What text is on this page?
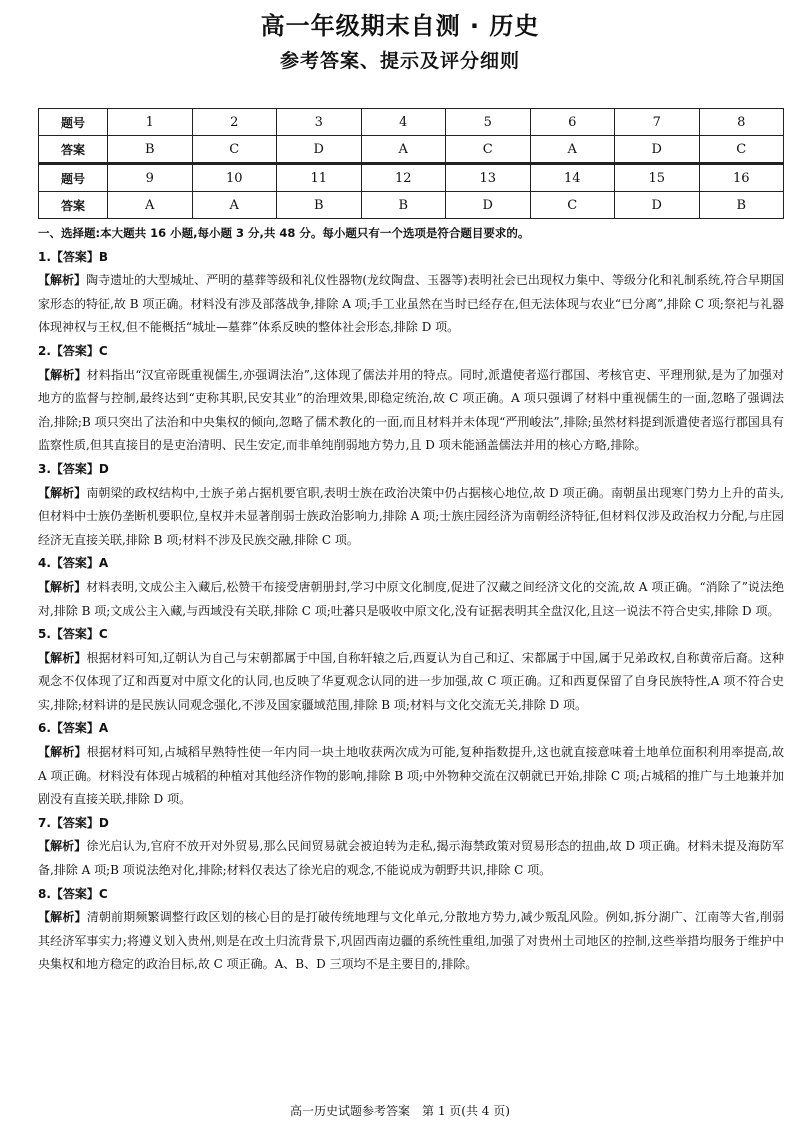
高一年级期末自测 · 历史
参考答案、提示及评分细则
题号	1	2	3	4	5	6	7	8
答案	B	C	D	A	C	A	D	C
题号	9	10	11	12	13	14	15	16
答案	A	A	B	B	D	C	D	B

一、选择题:本大题共 16 小题,每小题 3 分,共 48 分。每小题只有一个选项是符合题目要求的。

1.【答案】B

【解析】陶寺遗址的大型城址、严明的墓葬等级和礼仪性器物(龙纹陶盘、玉器等)表明社会已出现权力集中、等级分化和礼制系统,符合早期国家形态的特征,故 B 项正确。材料没有涉及部落战争,排除 A 项;手工业虽然在当时已经存在,但无法体现与农业“已分离”,排除 C 项;祭祀与礼器体现神权与王权,但不能概括“城址—墓葬”体系反映的整体社会形态,排除 D 项。

2.【答案】C

【解析】材料指出“汉宣帝既重视儒生,亦强调法治”,这体现了儒法并用的特点。同时,派遣使者巡行郡国、考核官吏、平理刑狱,是为了加强对地方的监督与控制,最终达到“吏称其职,民安其业”的治理效果,即稳定统治,故 C 项正确。A 项只强调了材料中重视儒生的一面,忽略了强调法治,排除;B 项只突出了法治和中央集权的倾向,忽略了儒术教化的一面,而且材料并未体现“严刑峻法”,排除;虽然材料提到派遣使者巡行郡国具有监察性质,但其直接目的是吏治清明、民生安定,而非单纯削弱地方势力,且 D 项未能涵盖儒法并用的核心方略,排除。

3.【答案】D

【解析】南朝梁的政权结构中,士族子弟占据机要官职,表明士族在政治决策中仍占据核心地位,故 D 项正确。南朝虽出现寒门势力上升的苗头,但材料中士族仍垄断机要职位,皇权并未显著削弱士族政治影响力,排除 A 项;士族庄园经济为南朝经济特征,但材料仅涉及政治权力分配,与庄园经济无直接关联,排除 B 项;材料不涉及民族交融,排除 C 项。

4.【答案】A

【解析】材料表明,文成公主入藏后,松赞干布接受唐朝册封,学习中原文化制度,促进了汉藏之间经济文化的交流,故 A 项正确。“消除了”说法绝对,排除 B 项;文成公主入藏,与西域没有关联,排除 C 项;吐蕃只是吸收中原文化,没有证据表明其全盘汉化,且这一说法不符合史实,排除 D 项。

5.【答案】C

【解析】根据材料可知,辽朝认为自己与宋朝都属于中国,自称轩辕之后,西夏认为自己和辽、宋都属于中国,属于兄弟政权,自称黄帝后裔。这种观念不仅体现了辽和西夏对中原文化的认同,也反映了华夏观念认同的进一步加强,故 C 项正确。辽和西夏保留了自身民族特性,A 项不符合史实,排除;材料讲的是民族认同观念强化,不涉及国家疆域范围,排除 B 项;材料与文化交流无关,排除 D 项。

6.【答案】A

【解析】根据材料可知,占城稻早熟特性使一年内同一块土地收获两次成为可能,复种指数提升,这也就直接意味着土地单位面积利用率提高,故 A 项正确。材料没有体现占城稻的种植对其他经济作物的影响,排除 B 项;中外物种交流在汉朝就已开始,排除 C 项;占城稻的推广与土地兼并加剧没有直接关联,排除 D 项。

7.【答案】D

【解析】徐光启认为,官府不放开对外贸易,那么民间贸易就会被迫转为走私,揭示海禁政策对贸易形态的扭曲,故 D 项正确。材料未提及海防军备,排除 A 项;B 项说法绝对化,排除;材料仅表达了徐光启的观念,不能说成为朝野共识,排除 C 项。

8.【答案】C

【解析】清朝前期频繁调整行政区划的核心目的是打破传统地理与文化单元,分散地方势力,减少叛乱风险。例如,拆分湖广、江南等大省,削弱其经济军事实力;将遵义划入贵州,则是在改土归流背景下,巩固西南边疆的系统性重组,加强了对贵州土司地区的控制,这些举措均服务于维护中央集权和地方稳定的政治目标,故 C 项正确。A、B、D 三项均不是主要目的,排除。

高一历史试题参考答案　第 1 页(共 4 页)
